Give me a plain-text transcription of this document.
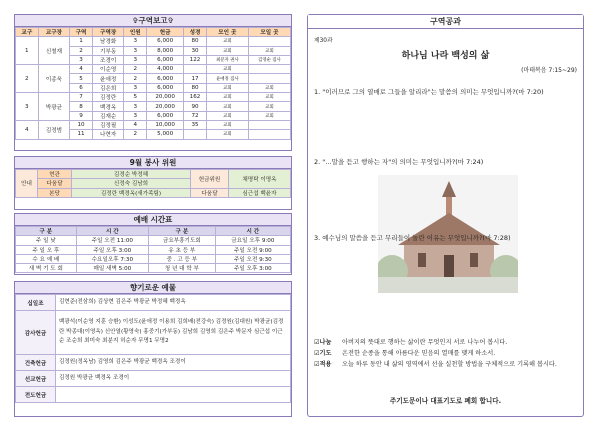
✞구역보고✞
교구	교구장	구역	구역장	인원	헌금	성경	모인 곳	모일 곳
1	신철재	1	남경화	3	6,000	80	교회	
		2	기부동	3	8,000	30	교회	교회
		3	조경이	3	6,000	122	최분자 권사	김영순 집사
2	이종욱	4	이순영	2	4,000		교회	
		5	윤애정	2	6,000	17	윤애정 집사	
		6	김은희	3	6,000	80	교회	교회
3	박광균	7	김정란	5	20,000	162	교회	교회
		8	백경옥	3	20,000	90	교회	교회
		9	김재순	3	6,000	72	교회	교회
4	김정범	10	김정필	4	10,000	35	교회	
		11	나현자	2	5,000		교회	
9월 봉사 위원
안내	현관	김경순 박정혜	헌금위원	채명탁 이명옥
	다움달	신정숙 김남희		
	본당	김정란 백경옥(새가족팀)	다움달	심근섭 백윤자
예배 시간표
구 분	시 간	구 분	시 간
주 일 낮	주일 오전 11:00	금요부흥기도회	금요일 오후 9:00
주 일 오 후	주일 오후 3:00	유 초 등 부	주일 오전 9:00
수 요 예 배	수요일오후 7:30	중 . 고 등 부	주일 오전 9:30
새 벽 기 도 회	매일 새벽 5:00	청 년 대 학 부	주일 오후 3:00
향기로운 예물
십일조	김현준(전삼희) 김상현 김은주 박광균 박정혜 백경옥
감사헌금	백광석(이순영 지훈 승환) 이성도(윤애정 이용희 김희배(전강숙) 김정원(김대원) 박광균(김정란 박종대(이영옥) 신안열(황영숙) 홍중기(가부동) 김남희 김영희 김은주 박문자 심근섭 이근순 조순희 최미숙 최분지 허순자 무명1 무명2
건축헌금	김정원(정옥남) 김영희 김은주 박광균 백경옥 조경이
선교헌금	김정원 박광균 백경옥 조경이
전도헌금	
구역공과
제30과
하나님 나라 백성의 삶
(마태복음 7:15~29)
1. "이러므로 그의 열매로 그들을 알리라"는 말씀의 의미는 무엇입니까?(마 7:20)
2. "…말을 듣고 행하는 자"의 의미는 무엇입니까?(마 7:24)
3. 예수님의 말씀을 듣고 무리들이 놀란 이유는 무엇입니까?(마 7:28)
☑나눔	아버지의 뜻대로 행하는 삶이란 무엇인지 서로 나누어 봅시다.
☑기도	온전한 순종을 통해 아름다운 믿음의 열매를 맺게 하소서.
☑적용	오늘 하루 동안 내 삶의 영역에서 선을 실천할 방법을 구체적으로 기록해 봅시다.
주기도문이나 대표기도로 폐회 합니다.
